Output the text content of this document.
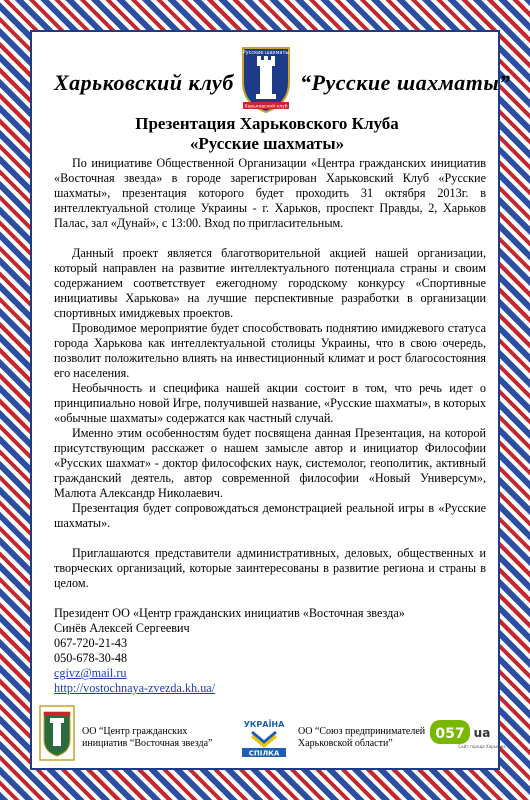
Харьковский клуб
Русские шахматы
Харьковский клуб
“Русские шахматы”
Презентация Харьковского Клуба
«Русские шахматы»

По инициативе Общественной Организации «Центра гражданских инициатив «Восточная звезда» в городе зарегистрирован Харьковский Клуб «Русские шахматы», презентация которого будет проходить 31 октября 2013г. в интеллектуальной столице Украины - г. Харьков, проспект Правды, 2, Харьков Палас, зал «Дунай», с 13:00. Вход по пригласительным.

Данный проект является благотворительной акцией нашей организации, который направлен на развитие интеллектуального потенциала страны и своим содержанием соответствует ежегодному городскому конкурсу «Спортивные инициативы Харькова» на лучшие перспективные разработки в организации спортивных имиджевых проектов.

Проводимое мероприятие будет способствовать поднятию имиджевого статуса города Харькова как интеллектуальной столицы Украины, что в свою очередь, позволит положительно влиять на инвестиционный климат и рост благосостояния его населения.

Необычность и специфика нашей акции состоит в том, что речь идет о принципиально новой Игре, получившей название, «Русские шахматы», в которых «обычные шахматы» содержатся как частный случай.

Именно этим особенностям будет посвящена данная Презентация, на которой присутствующим расскажет о нашем замысле автор и инициатор Философии «Русских шахмат» - доктор философских наук, системолог, геополитик, активный гражданский деятель, автор современной философии «Новый Универсум», Малюта Александр Николаевич.

Презентация будет сопровождаться демонстрацией реальной игры в «Русские шахматы».

Приглашаются представители административных, деловых, общественных и творческих организаций, которые заинтересованы в развитие региона и страны в целом.

Президент ОО «Центр гражданских инициатив «Восточная звезда»
Синёв Алексей Сергеевич
067-720-21-43
050-678-30-48
cgivz@mail.ru
http://vostochnaya-zvezda.kh.ua/
ОО “Центр гражданских
инициатив “Восточная звезда”
УКРАЇНА
СПІЛКА
ОО “Союз предпринимателей
Харьковской области”
057 ua
Сайт города Харькова
